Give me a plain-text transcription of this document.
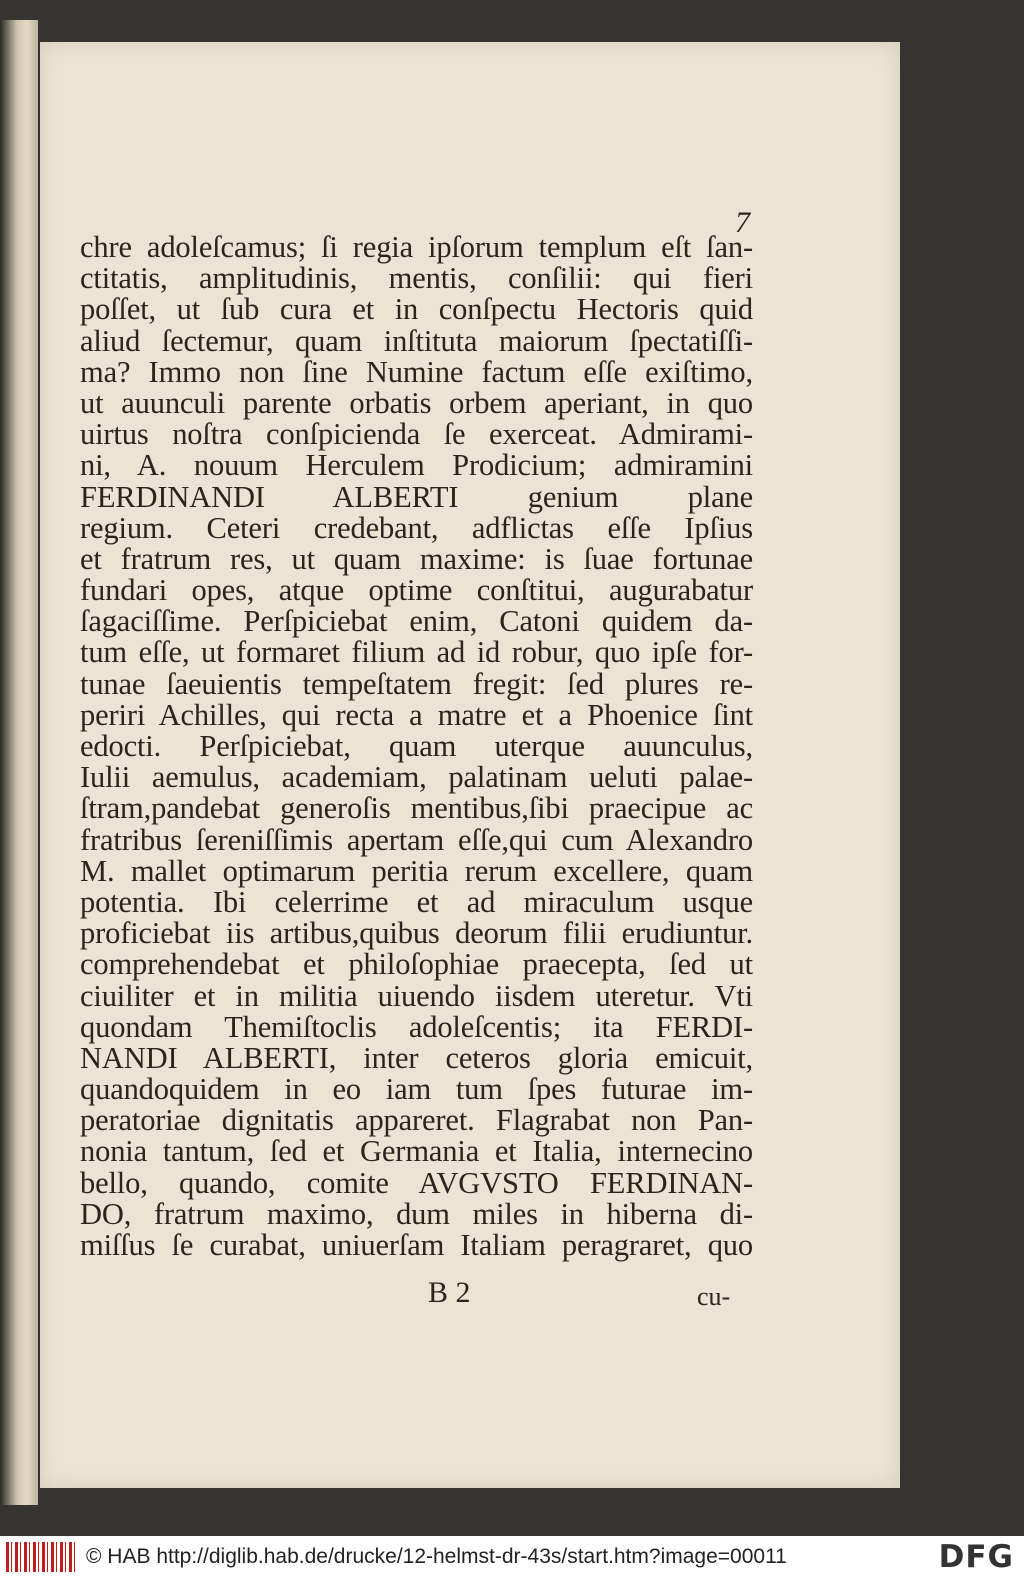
7
chre adoleſcamus; ſi regia ipſorum templum eſt ſan-
ctitatis, amplitudinis, mentis, conſilii: qui fieri
poſſet, ut ſub cura et in conſpectu Hectoris quid
aliud ſectemur, quam inſtituta maiorum ſpectatiſſi-
ma? Immo non ſine Numine factum eſſe exiſtimo,
ut auunculi parente orbatis orbem aperiant, in quo
uirtus noſtra conſpicienda ſe exerceat. Admirami-
ni, A. nouum Herculem Prodicium; admiramini
FERDINANDI ALBERTI genium plane
regium. Ceteri credebant, adflictas eſſe Ipſius
et fratrum res, ut quam maxime: is ſuae fortunae
fundari opes, atque optime conſtitui, augurabatur
ſagaciſſime. Perſpiciebat enim, Catoni quidem da-
tum eſſe, ut formaret filium ad id robur, quo ipſe for-
tunae ſaeuientis tempeſtatem fregit: ſed plures re-
periri Achilles, qui recta a matre et a Phoenice ſint
edocti. Perſpiciebat, quam uterque auunculus,
Iulii aemulus, academiam, palatinam ueluti palae-
ſtram,pandebat generoſis mentibus,ſibi praecipue ac
fratribus ſereniſſimis apertam eſſe,qui cum Alexandro
M. mallet optimarum peritia rerum excellere, quam
potentia. Ibi celerrime et ad miraculum usque
proficiebat iis artibus,quibus deorum filii erudiuntur.
comprehendebat et philoſophiae praecepta, ſed ut
ciuiliter et in militia uiuendo iisdem uteretur. Vti
quondam Themiſtoclis adoleſcentis; ita FERDI-
NANDI ALBERTI, inter ceteros gloria emicuit,
quandoquidem in eo iam tum ſpes futurae im-
peratoriae dignitatis appareret. Flagrabat non Pan-
nonia tantum, ſed et Germania et Italia, internecino
bello, quando, comite AVGVSTO FERDINAN-
DO, fratrum maximo, dum miles in hiberna di-
miſſus ſe curabat, uniuerſam Italiam peragraret, quo
B 2	cu-
© HAB http://diglib.hab.de/drucke/12-helmst-dr-43s/start.htm?image=00011	DFG
